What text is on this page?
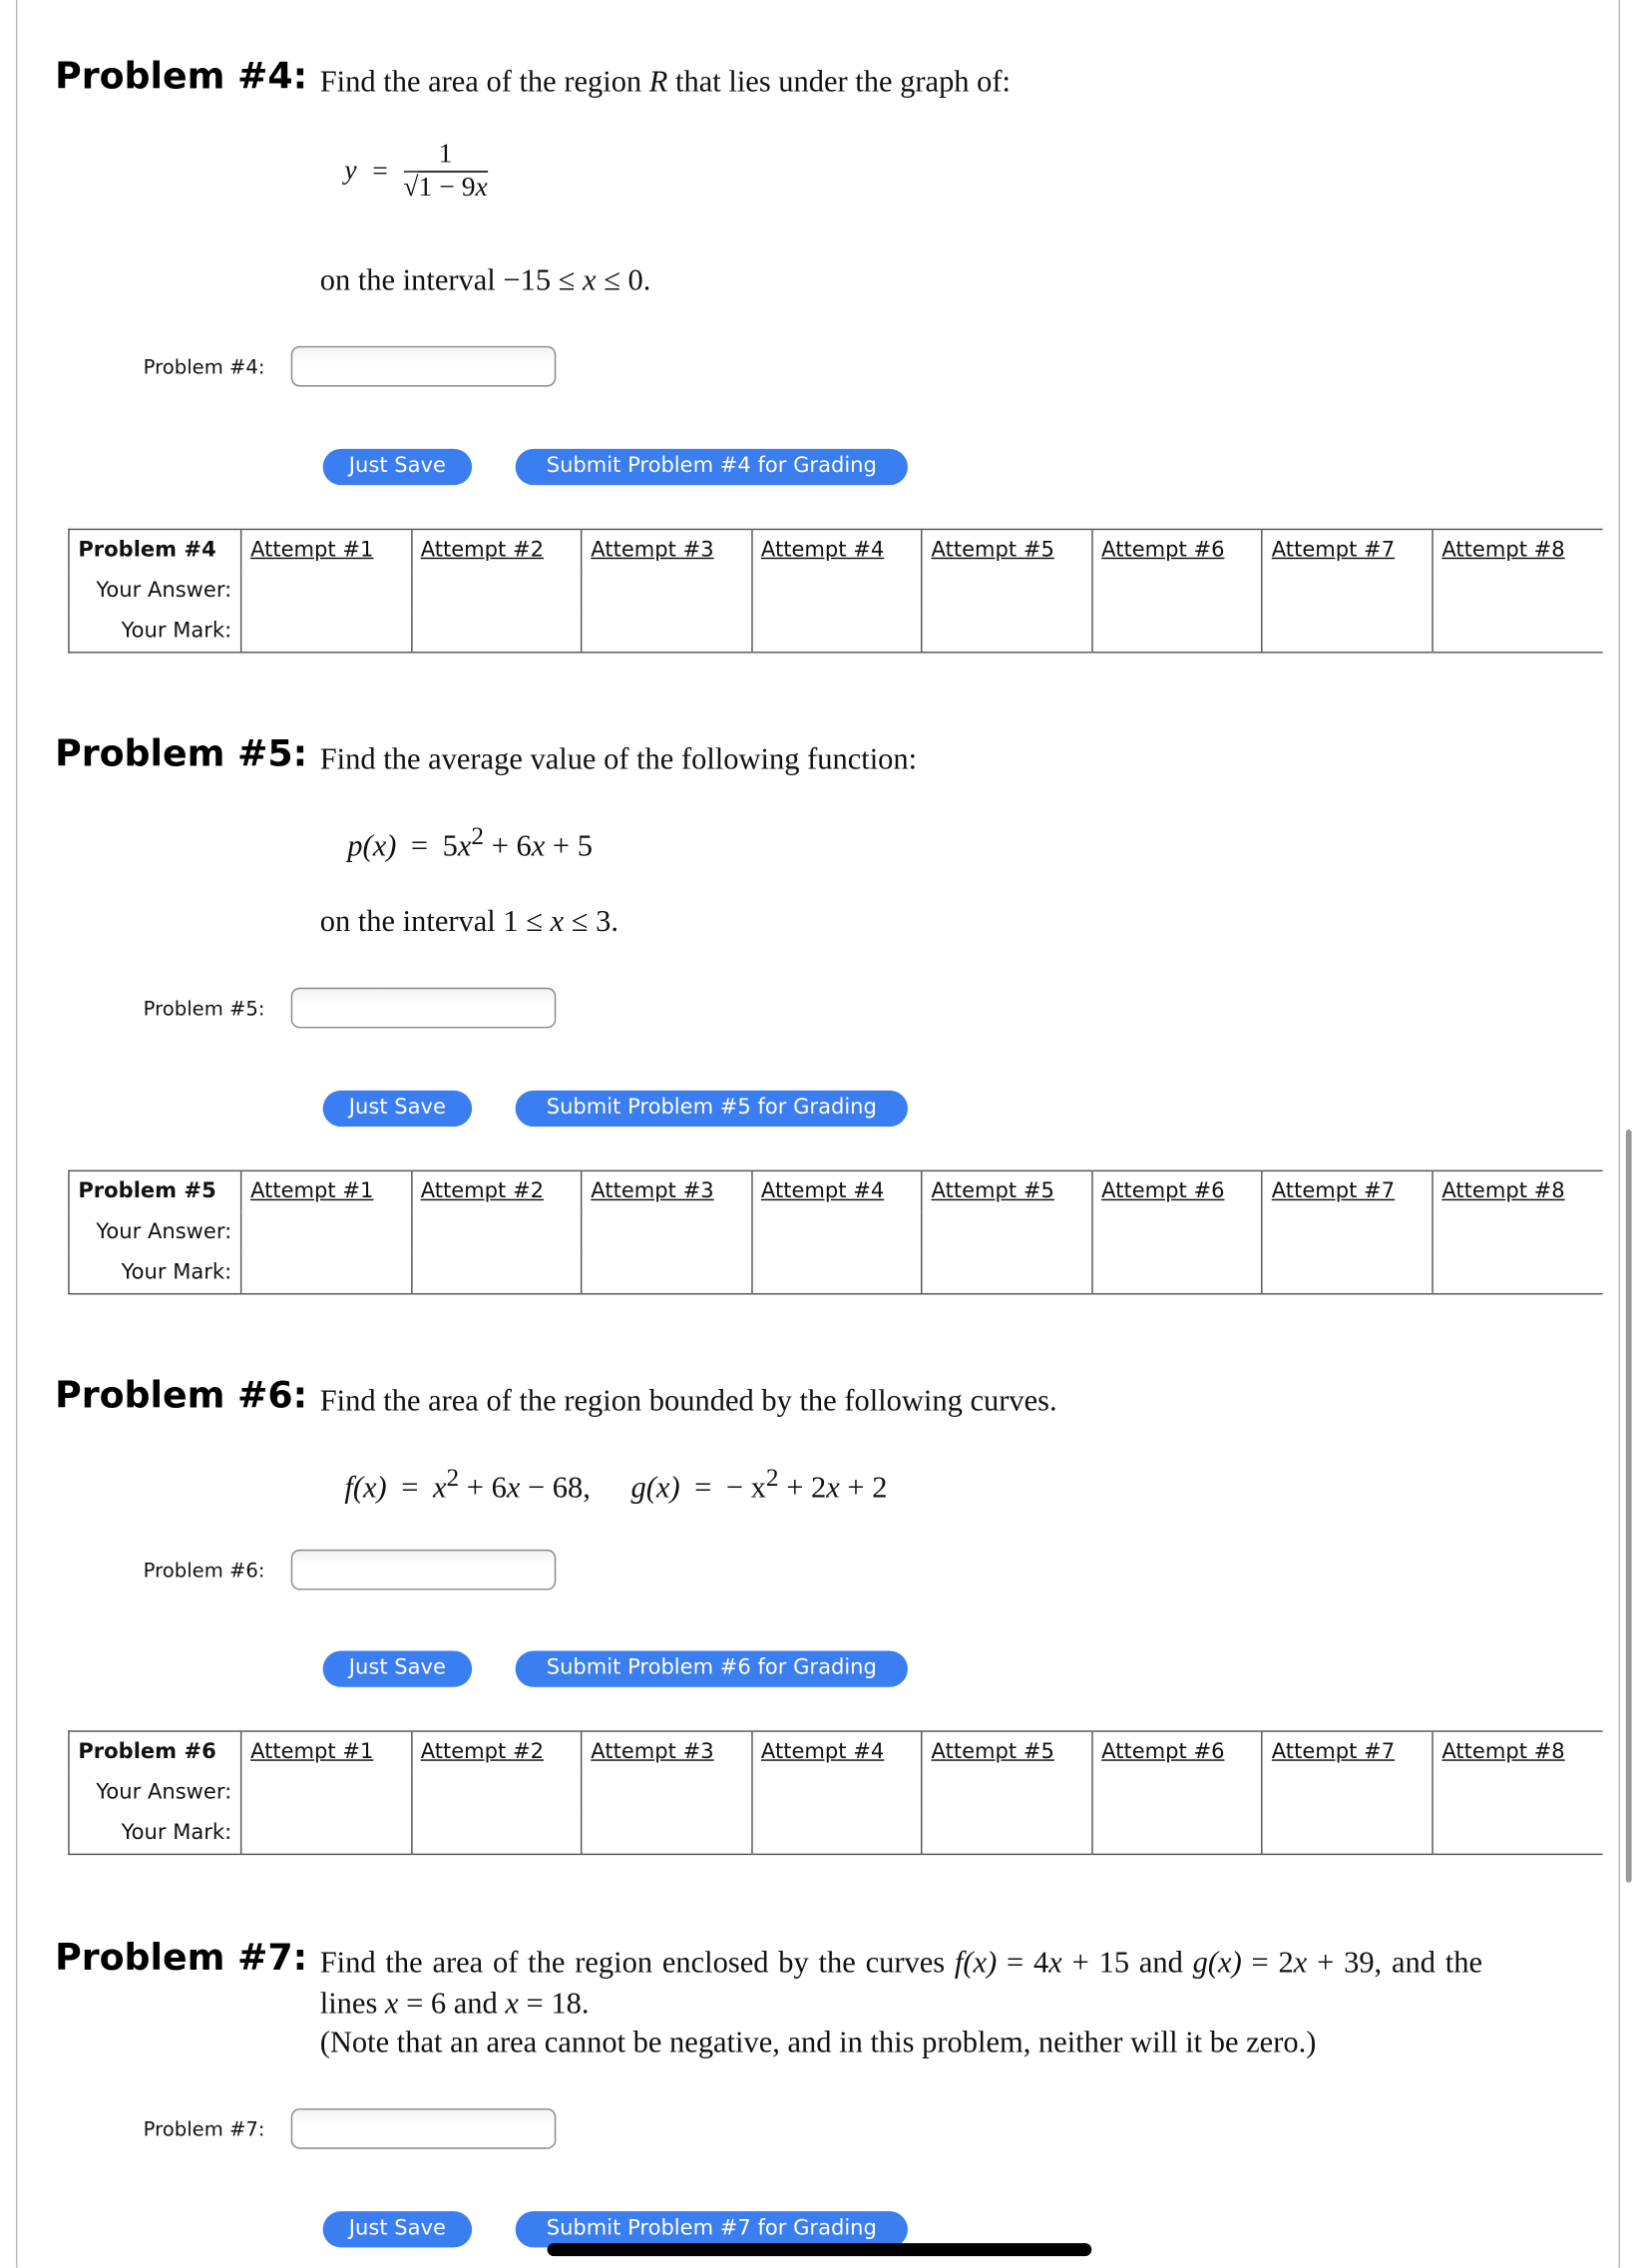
Problem #4: Find the area of the region R that lies under the graph of:
$y = \frac{1}{√1 - 9x}$
on the interval −15 ≤ x ≤ 0.
Problem #4:
Just Save	Submit Problem #4 for Grading
Problem #4	Attempt #1	Attempt #2	Attempt #3	Attempt #4	Attempt #5	Attempt #6	Attempt #7	Attempt #8
Your Answer:								
Your Mark:								
Problem #5: Find the average value of the following function:
$p(x) = 5x^2 + 6x + 5$
on the interval 1 ≤ x ≤ 3.
Problem #5:
Just Save	Submit Problem #5 for Grading
Problem #5	Attempt #1	Attempt #2	Attempt #3	Attempt #4	Attempt #5	Attempt #6	Attempt #7	Attempt #8
Your Answer:								
Your Mark:								
Problem #6: Find the area of the region bounded by the following curves.
$f(x) = x^2 + 6x - 68$, g(x) = − $x^2 + 2x + 2$
Problem #6:
Just Save	Submit Problem #6 for Grading
Problem #6	Attempt #1	Attempt #2	Attempt #3	Attempt #4	Attempt #5	Attempt #6	Attempt #7	Attempt #8
Your Answer:								
Your Mark:								
Problem #7: Find the area of the region enclosed by the curves f(x) = 4x + 15 and g(x) = 2x + 39, and the
lines x = 6 and x = 18.
(Note that an area cannot be negative, and in this problem, neither will it be zero.)
Problem #7:
Just Save	Submit Problem #7 for Grading
